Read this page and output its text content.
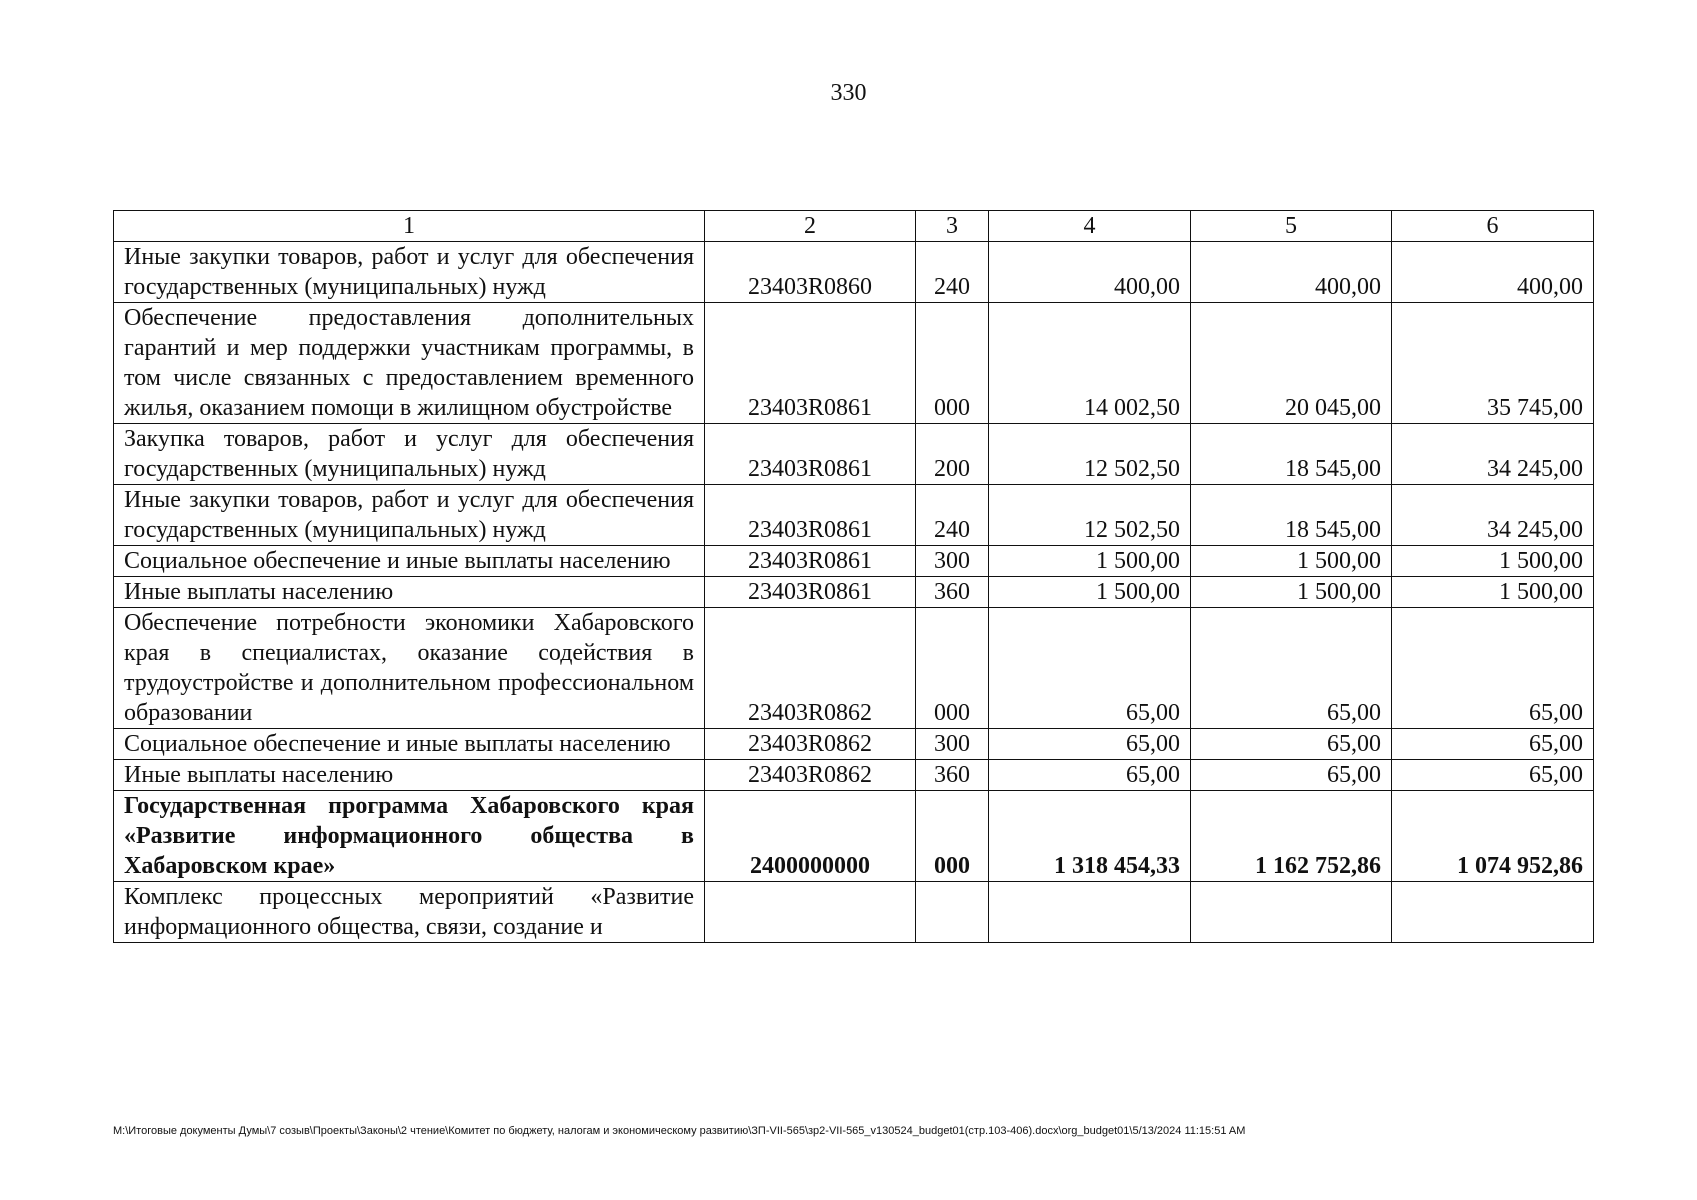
330
1	2	3	4	5	6
Иные закупки товаров, работ и услуг для обеспечения государственных (муниципальных) нужд	23403R0860	240	400,00	400,00	400,00
Обеспечение предоставления дополнительных гарантий и мер поддержки участникам программы, в том числе связанных с предоставлением временного жилья, оказанием помощи в жилищном обустройстве	23403R0861	000	14 002,50	20 045,00	35 745,00
Закупка товаров, работ и услуг для обеспечения государственных (муниципальных) нужд	23403R0861	200	12 502,50	18 545,00	34 245,00
Иные закупки товаров, работ и услуг для обеспечения государственных (муниципальных) нужд	23403R0861	240	12 502,50	18 545,00	34 245,00
Социальное обеспечение и иные выплаты населению	23403R0861	300	1 500,00	1 500,00	1 500,00
Иные выплаты населению	23403R0861	360	1 500,00	1 500,00	1 500,00
Обеспечение потребности экономики Хабаровского края в специалистах, оказание содействия в трудоустройстве и дополнительном профессиональном образовании	23403R0862	000	65,00	65,00	65,00
Социальное обеспечение и иные выплаты населению	23403R0862	300	65,00	65,00	65,00
Иные выплаты населению	23403R0862	360	65,00	65,00	65,00
Государственная программа Хабаровского края «Развитие информационного общества в Хабаровском крае»	2400000000	000	1 318 454,33	1 162 752,86	1 074 952,86
Комплекс процессных мероприятий «Развитие информационного общества, связи, создание и					
M:\Итоговые документы Думы\7 созыв\Проекты\Законы\2 чтение\Комитет по бюджету, налогам и экономическому развитию\ЗП-VII-565\зр2-VII-565_v130524_budget01(стр.103-406).docx\org_budget01\5/13/2024 11:15:51 AM
